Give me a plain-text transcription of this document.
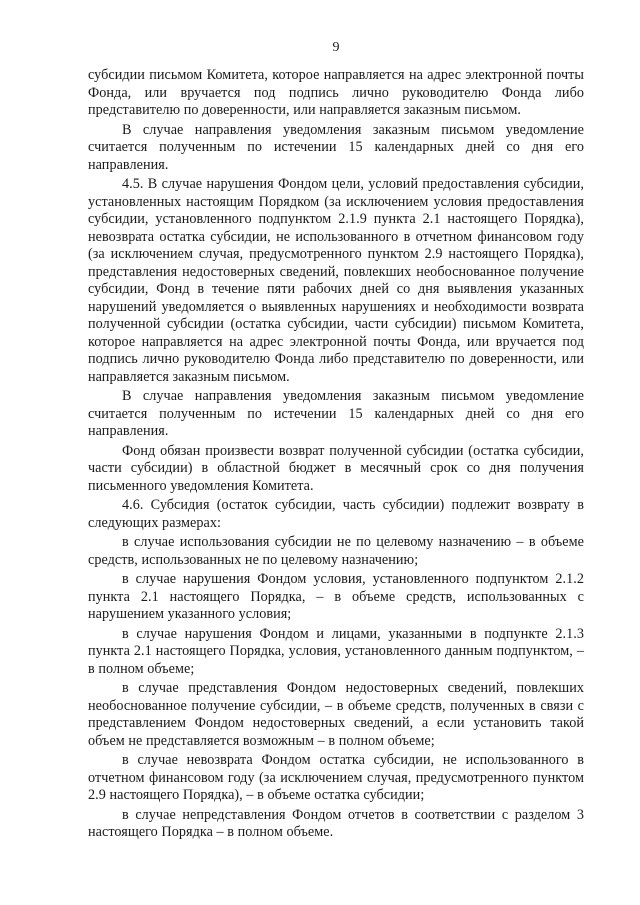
9

субсидии письмом Комитета, которое направляется на адрес электронной почты Фонда, или вручается под подпись лично руководителю Фонда либо представителю по доверенности, или направляется заказным письмом.

В случае направления уведомления заказным письмом уведомление считается полученным по истечении 15 календарных дней со дня его направления.

4.5. В случае нарушения Фондом цели, условий предоставления субсидии, установленных настоящим Порядком (за исключением условия предоставления субсидии, установленного подпунктом 2.1.9 пункта 2.1 настоящего Порядка), невозврата остатка субсидии, не использованного в отчетном финансовом году (за исключением случая, предусмотренного пунктом 2.9 настоящего Порядка), представления недостоверных сведений, повлекших необоснованное получение субсидии, Фонд в течение пяти рабочих дней со дня выявления указанных нарушений уведомляется о выявленных нарушениях и необходимости возврата полученной субсидии (остатка субсидии, части субсидии) письмом Комитета, которое направляется на адрес электронной почты Фонда, или вручается под подпись лично руководителю Фонда либо представителю по доверенности, или направляется заказным письмом.

В случае направления уведомления заказным письмом уведомление считается полученным по истечении 15 календарных дней со дня его направления.

Фонд обязан произвести возврат полученной субсидии (остатка субсидии, части субсидии) в областной бюджет в месячный срок со дня получения письменного уведомления Комитета.

4.6. Субсидия (остаток субсидии, часть субсидии) подлежит возврату в следующих размерах:

в случае использования субсидии не по целевому назначению – в объеме средств, использованных не по целевому назначению;

в случае нарушения Фондом условия, установленного подпунктом 2.1.2 пункта 2.1 настоящего Порядка, – в объеме средств, использованных с нарушением указанного условия;

в случае нарушения Фондом и лицами, указанными в подпункте 2.1.3 пункта 2.1 настоящего Порядка, условия, установленного данным подпунктом, – в полном объеме;

в случае представления Фондом недостоверных сведений, повлекших необоснованное получение субсидии, – в объеме средств, полученных в связи с представлением Фондом недостоверных сведений, а если установить такой объем не представляется возможным – в полном объеме;

в случае невозврата Фондом остатка субсидии, не использованного в отчетном финансовом году (за исключением случая, предусмотренного пунктом 2.9 настоящего Порядка), – в объеме остатка субсидии;

в случае непредставления Фондом отчетов в соответствии с разделом 3 настоящего Порядка – в полном объеме.
